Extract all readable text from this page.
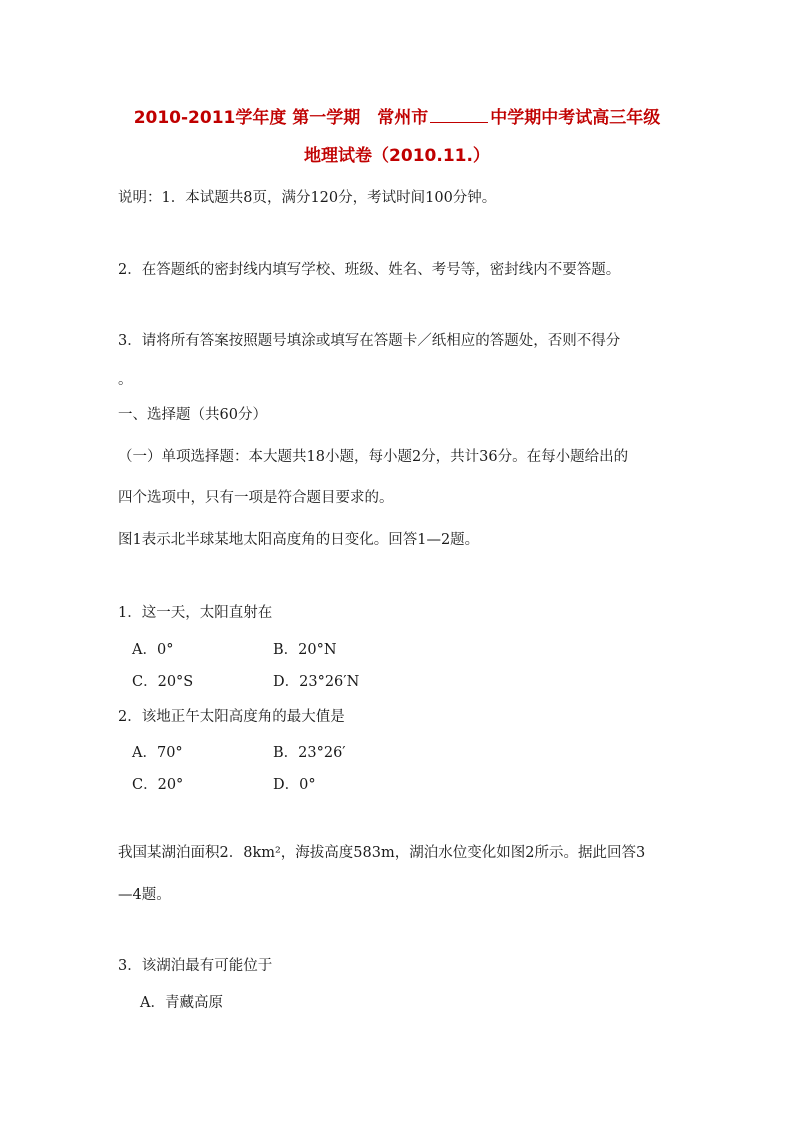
2010-2011学年度 第一学期　常州市	中学期中考试高三年级
地理试卷（2010.11.）
说明：1．本试题共8页，满分120分，考试时间100分钟。
2．在答题纸的密封线内填写学校、班级、姓名、考号等，密封线内不要答题。
3．请将所有答案按照题号填涂或填写在答题卡／纸相应的答题处，否则不得分
。
一、选择题（共60分）
（一）单项选择题：本大题共18小题，每小题2分，共计36分。在每小题给出的
四个选项中，只有一项是符合题目要求的。
图1表示北半球某地太阳高度角的日变化。回答1—2题。
1．这一天，太阳直射在
A．0°	B．20°N
C．20°S	D．23°26′N
2．该地正午太阳高度角的最大值是
A．70°	B．23°26′
C．20°	D．0°
我国某湖泊面积2．8km²，海拔高度583m，湖泊水位变化如图2所示。据此回答3
—4题。
3．该湖泊最有可能位于
A．青藏高原
